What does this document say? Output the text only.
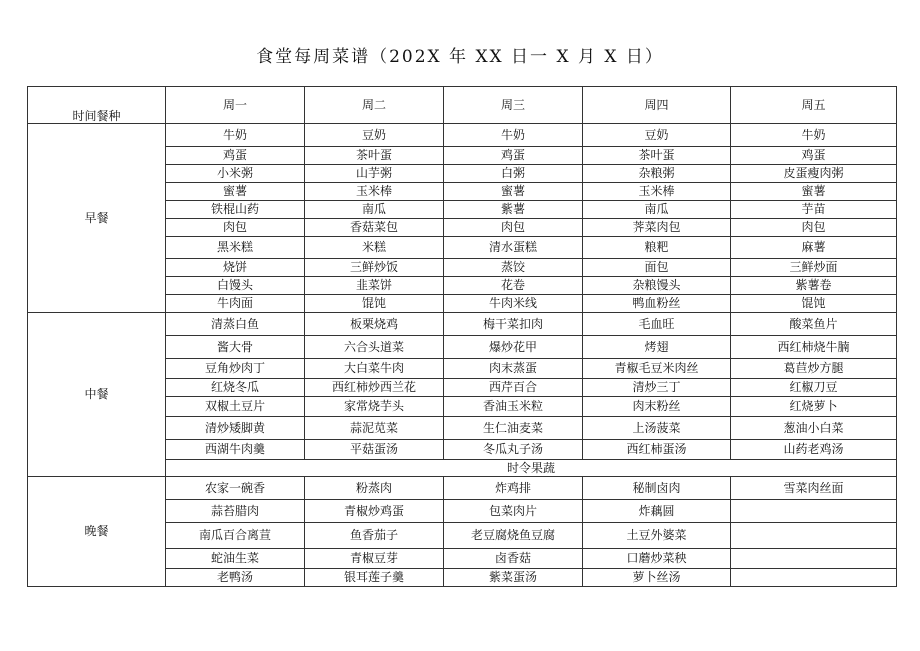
食堂每周菜谱（202X 年 XX 日一 X 月 X 日）
时间餐种	周一	周二	周三	周四	周五
早餐	牛奶	豆奶	牛奶	豆奶	牛奶
	鸡蛋	茶叶蛋	鸡蛋	茶叶蛋	鸡蛋
	小米粥	山芋粥	白粥	杂粮粥	皮蛋瘦肉粥
	蜜薯	玉米棒	蜜薯	玉米棒	蜜薯
	铁棍山药	南瓜	紫薯	南瓜	芋苗
	肉包	香菇菜包	肉包	荠菜肉包	肉包
	黑米糕	米糕	清水蛋糕	粮粑	麻薯
	烧饼	三鲜炒饭	蒸饺	面包	三鲜炒面
	白馒头	韭菜饼	花卷	杂粮馒头	紫薯卷
	牛肉面	馄饨	牛肉米线	鸭血粉丝	馄饨
中餐	清蒸白鱼	板栗烧鸡	梅干菜扣肉	毛血旺	酸菜鱼片
	酱大骨	六合头道菜	爆炒花甲	烤翅	西红柿烧牛腩
	豆角炒肉丁	大白菜牛肉	肉末蒸蛋	青椒毛豆米肉丝	葛苣炒方腿
	红烧冬瓜	西红柿炒西兰花	西芹百合	清炒三丁	红椒刀豆
	双椒土豆片	家常烧芋头	香油玉米粒	肉末粉丝	红烧萝卜
	清炒矮脚黄	蒜泥苋菜	生仁油麦菜	上汤菠菜	葱油小白菜
	西湖牛肉羹	平菇蛋汤	冬瓜丸子汤	西红柿蛋汤	山药老鸡汤
	时令果蔬				
晚餐	农家一碗香	粉蒸肉	炸鸡排	秘制卤肉	雪菜肉丝面
	蒜苔腊肉	青椒炒鸡蛋	包菜肉片	炸藕圆	
	南瓜百合离荁	鱼香茄子	老豆腐烧鱼豆腐	土豆外婆菜	
	蛇油生菜	青椒豆芽	卤香菇	口蘑炒菜秧	
	老鸭汤	银耳莲子羹	紫菜蛋汤	萝卜丝汤	
